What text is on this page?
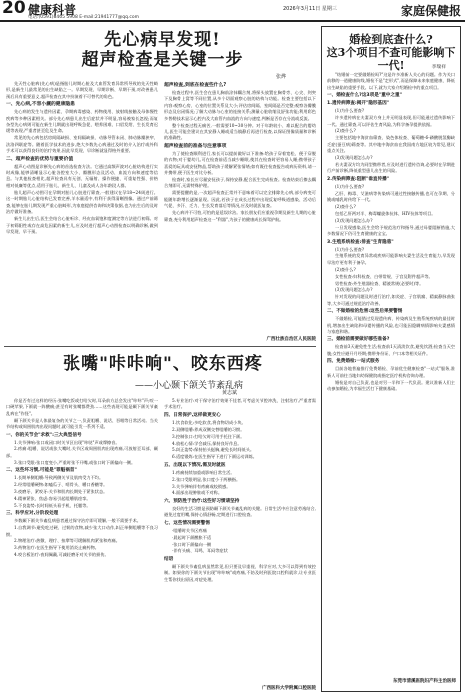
20 健康科普
电话:(0591)8465 5908 E-mail:21941777@qq.com
2026年3月11日 星期三	家庭保健报
先心病早发现!
超声检查是关键一步
张烨

先天性心脏病(先心病)是指胎儿时期心脏及大血管发育异常所导致的先天性畸形,是新生儿最常见的出生缺陷之一。早期发现、早期诊断、早期干预,对改善患儿预后具有重要意义,超声检查在其中扮演着不可替代的角色。

一、先心病,不容小觑的健康隐患

先心病的发生与遗传因素、孕期病毒感染、药物使用、放射线接触及母体慢性疾病等多种因素相关。部分先心病患儿出生后症状并不明显,容易被家长忽视;而复杂型先心病则可能在新生儿期就出现呼吸急促、喂养困难、口唇发绀、生长发育迟缓等表现,严重者甚至危及生命。

常见的先心病包括房间隔缺损、室间隔缺损、动脉导管未闭、肺动脉瓣狭窄、法洛四联症等。随着医学技术的进步,绝大多数先心病通过及时的介入治疗或外科手术可以获得良好的治疗效果,因此早发现、早诊断就显得格外重要。

二、超声检查的优势与重要价值

超声心动图是诊断先心病的首选检查方法。它通过高频声波对心脏结构进行实时成像,能够清晰显示心脏各腔室大小、瓣膜形态及活动、血流方向和速度等信息。与其他检查相比,超声检查具有无创、无辐射、操作便捷、可重复性强、价格相对低廉等优点,适用于胎儿、新生儿、儿童及成人各年龄段人群。

胎儿超声心动图可在孕期对胎儿心脏进行筛查,一般建议在孕18~24周进行。这一时期胎儿心脏结构已发育完善,羊水量适中,有利于获得清晰图像。通过产前筛查,能够在胎儿期发现严重心脏畸形,为家庭提供咨询和决策依据,也为出生后的及时治疗做好准备。

新生儿出生后,医生会结合心脏听诊、经皮血氧饱和度测定等方法进行初筛。对于初筛阳性或存在高危因素的新生儿,应及时进行超声心动图检查以明确诊断,做到早发现、早干预。

超声检查,到底在检查些什么?

检查过程中,医生会在患儿胸前涂抹耦合剂,将探头放置在胸骨旁、心尖、剑突下及胸骨上窝等不同位置,从多个切面观察心脏的结构与功能。检查主要包括以下内容:观察心房、心室的位置关系及大小;评估房间隔、室间隔是否完整;观察各瓣膜形态及启闭情况;了解大动脉与心室的连接关系;测量心脏收缩及舒张功能;利用彩色多普勒技术显示心腔内及大血管内血流的方向与速度,判断是否存在分流或反流。

整个检查过程无痛苦,一般需要10~30分钟。对于年龄较小、难以配合的婴幼儿,医生可能会建议在其安静入睡或适当镇静后再进行检查,以保证图像质量和诊断的准确性。

超声检查前的准备与注意事项

为了使检查顺利进行,家长可以提前做好以下准备:给孩子穿着宽松、便于穿脱的衣物;对于婴幼儿,可在检查前适当减少睡眠,使其在检查时更容易入睡;携带孩子喜爱的玩具或安抚物品,帮助孩子缓解紧张情绪;如有既往检查报告或病历资料,请一并携带,便于医生对比分析。

检查时,家长应尽量安抚孩子,保持安静,配合医生完成检查。检查结束后擦去耦合剂即可,无需特殊护理。

需要提醒的是,一次超声检查正常并不意味着可以完全排除先心病,部分病变可能随年龄增长逐渐显现。因此,若孩子在成长过程中出现反复呼吸道感染、活动后气促、多汗、乏力、生长发育落后等情况,应及时就医复查。

先心病并不可怕,可怕的是延误诊治。家长朋友们应重视孕期及新生儿期的心脏筛查,充分利用超声检查这一"利器",为孩子的健康成长保驾护航。

广西壮族自治区人民医院
婚检到底查什么?
这3个项目不查可能影响下一代!	李瑞祥

"结婚前一定要做婚检吗?"这是许多准新人关心的问题。作为关口前移的一道健康防线,婚检不是"走形式",而是保障未来家庭健康、降低出生缺陷的重要手段。以下,就为大家介绍婚检中的重点项目。

一、婚检查什么?这3项是"重中之重"
1.遗传病筛查:揭开"隐形基因"

(1)为什么要查?

许多遗传病在夫妻双方身上并无明显表现,但可能通过遗传影响下一代。通过筛查,可以评估生育风险,为科学备孕提供依据。

(2)查什么?

主要包括地中海贫血筛查、染色体检查、葡萄糖-6-磷酸脱氢酶缺乏症(蚕豆病)筛查等。其中地中海贫血在我国南方地区较为常见,建议重点关注。

(3)发现问题怎么办?

若夫妻双方均为同型携带者,应及时进行遗传咨询,必要时在孕期进行产前诊断,降低重型患儿出生的风险。

2.传染病筛查:阻断"垂直传播"

(1)为什么要查?

乙肝、梅毒、艾滋病等传染病可通过性接触传播,也可在孕期、分娩或哺乳时传给下一代。

(2)查什么?

包括乙肝两对半、梅毒螺旋体抗体、HIV抗体等项目。

(3)发现问题怎么办?

一旦发现感染,医生会给予规范治疗和指导,通过母婴阻断措施,大多数情况下仍可生育健康的宝宝。

3.生殖系统检查:排查"生育隐患"

(1)为什么要查?

生殖系统的发育异常或疾病可能影响夫妻生活及生育能力,早发现早治疗更有利于备孕。

(2)查什么?

女性检查:妇科检查、白带常规、子宫及附件超声等。

男性检查:外生殖器检查、精液常规(必要时)等。

(3)发现问题怎么办?

针对发现的问题及时进行治疗,如炎症、子宫肌瘤、精索静脉曲张等,大多可通过规范治疗改善。

二、不做婚检的危害:这些后果要警惕

不做婚检,可能错过发现遗传病、传染病及生殖系统疾病的最佳时机,增加出生缺陷和母婴传播的风险,也可能因隐瞒病情影响夫妻感情与家庭和谐。

三、婚检前需要做好哪些准备?

检查前3天避免性生活;检查前1天清淡饮食,避免饮酒;检查当天空腹;女性应避开月经期;携带身份证、户口本等相关证件。

四、免费婚检:一站式服务

目前各地普遍推行免费婚检、孕前优生健康检查"一站式"服务,准新人可前往当地妇幼保健院或指定医疗机构咨询办理。

婚检是对自己负责,也是对另一半和下一代负责。建议准新人们主动参加婚检,为幸福生活打下健康基础。

东莞市清溪医院妇产科主治医师
张嘴"咔咔响"、咬东西疼
——小心颞下颌关节紊乱病
黄志斌

你是否有过这样的经历:张嘴吃饭或打哈欠时,耳朵前方总会发出"咔咔"声;咬一口硬苹果,下颌就一阵酸痛;甚至有时张嘴都费劲……这些表现可能是颞下颌关节紊乱病在"作怪"。

颞下颌关节是人体最复杂的关节之一,负责咀嚼、说话、吞咽等日常活动。当关节结构或周围肌肉出现问题时,就可能引发一系列不适。

一、你的关节会"求救":三大典型信号

1.关节弹响:张口或闭口时关节区出现"咔哒"声或摩擦音。

2.疼痛:咀嚼、说话或张大嘴时,关节区或周围肌肉出现疼痛,可放射至耳部、颞部。

3.张口受限:张口度变小,严重时张不开嘴,或张口时下颌偏向一侧。

二、这些坏习惯,可能是"罪魁祸首"

1.长期单侧咀嚼:导致两侧关节及肌肉受力不均。

2.经常咀嚼硬物:如嗑瓜子、啃骨头、嚼口香糖等。

3.夜磨牙、紧咬牙:关节和肌肉长期处于紧张状态。

4.精神紧张、焦虑:容易引起咀嚼肌痉挛。

5.不良姿势:长时间低头看手机、托腮等。

三、科学应对,分阶段处理

多数颞下颌关节紊乱病患者通过保守治疗即可缓解,一般不需要手术。

1.自我调节:避免吃过硬、过韧的食物,减少张大口动作,纠正单侧咀嚼等不良习惯。

2.物理治疗:热敷、理疗、按摩等可缓解肌肉紧张和疼痛。

3.药物治疗:在医生指导下使用消炎止痛药物。

4.咬合板治疗:夜间佩戴,可减轻磨牙对关节的损伤。

5.专业治疗:对于保守治疗效果不佳者,可考虑关节腔冲洗、注射治疗,严重者需手术治疗。

四、日常保护,这样做更安心

1.饮食软化:多吃软食,将食物切成小块。

2.双侧咀嚼:养成双侧交替咀嚼的习惯。

3.控制张口:打哈欠时可用手托住下颌。

4.放松心情:学会减压,保持良好作息。

5.纠正姿势:保持抬头挺胸,避免长时间低头。

6.适度锻炼:在医生指导下进行下颌运动训练。

五、出现以下情况,需及时就医

1.疼痛持续加重或影响日常生活。

2.张口受限明显,张口度小于两横指。

3.关节弹响伴有疼痛或绞锁感。

4.面部出现肿胀或不对称。

六、预防胜于治疗:这些好习惯请坚持

良好的生活习惯是预防颞下颌关节紊乱病的关键。日常生活中应注意劳逸结合,避免过度用嘴,保持心情舒畅,定期进行口腔检查。

七、这些情况需要警惕

·咀嚼时关节区疼痛

·晨起时下颌酸胀不适

·张口时下颌偏向一侧

·伴有头痛、耳鸣、耳闷等症状

结语

颞下颌关节紊乱病虽然常见,但只要及早重视、科学应对,大多可以得到有效控制。如果你的下颌关节出现"咔咔响"或疼痛,不妨及时到医院口腔科就诊,让专业医生帮你找出原因,对症处理。

广西医科大学附属口腔医院
